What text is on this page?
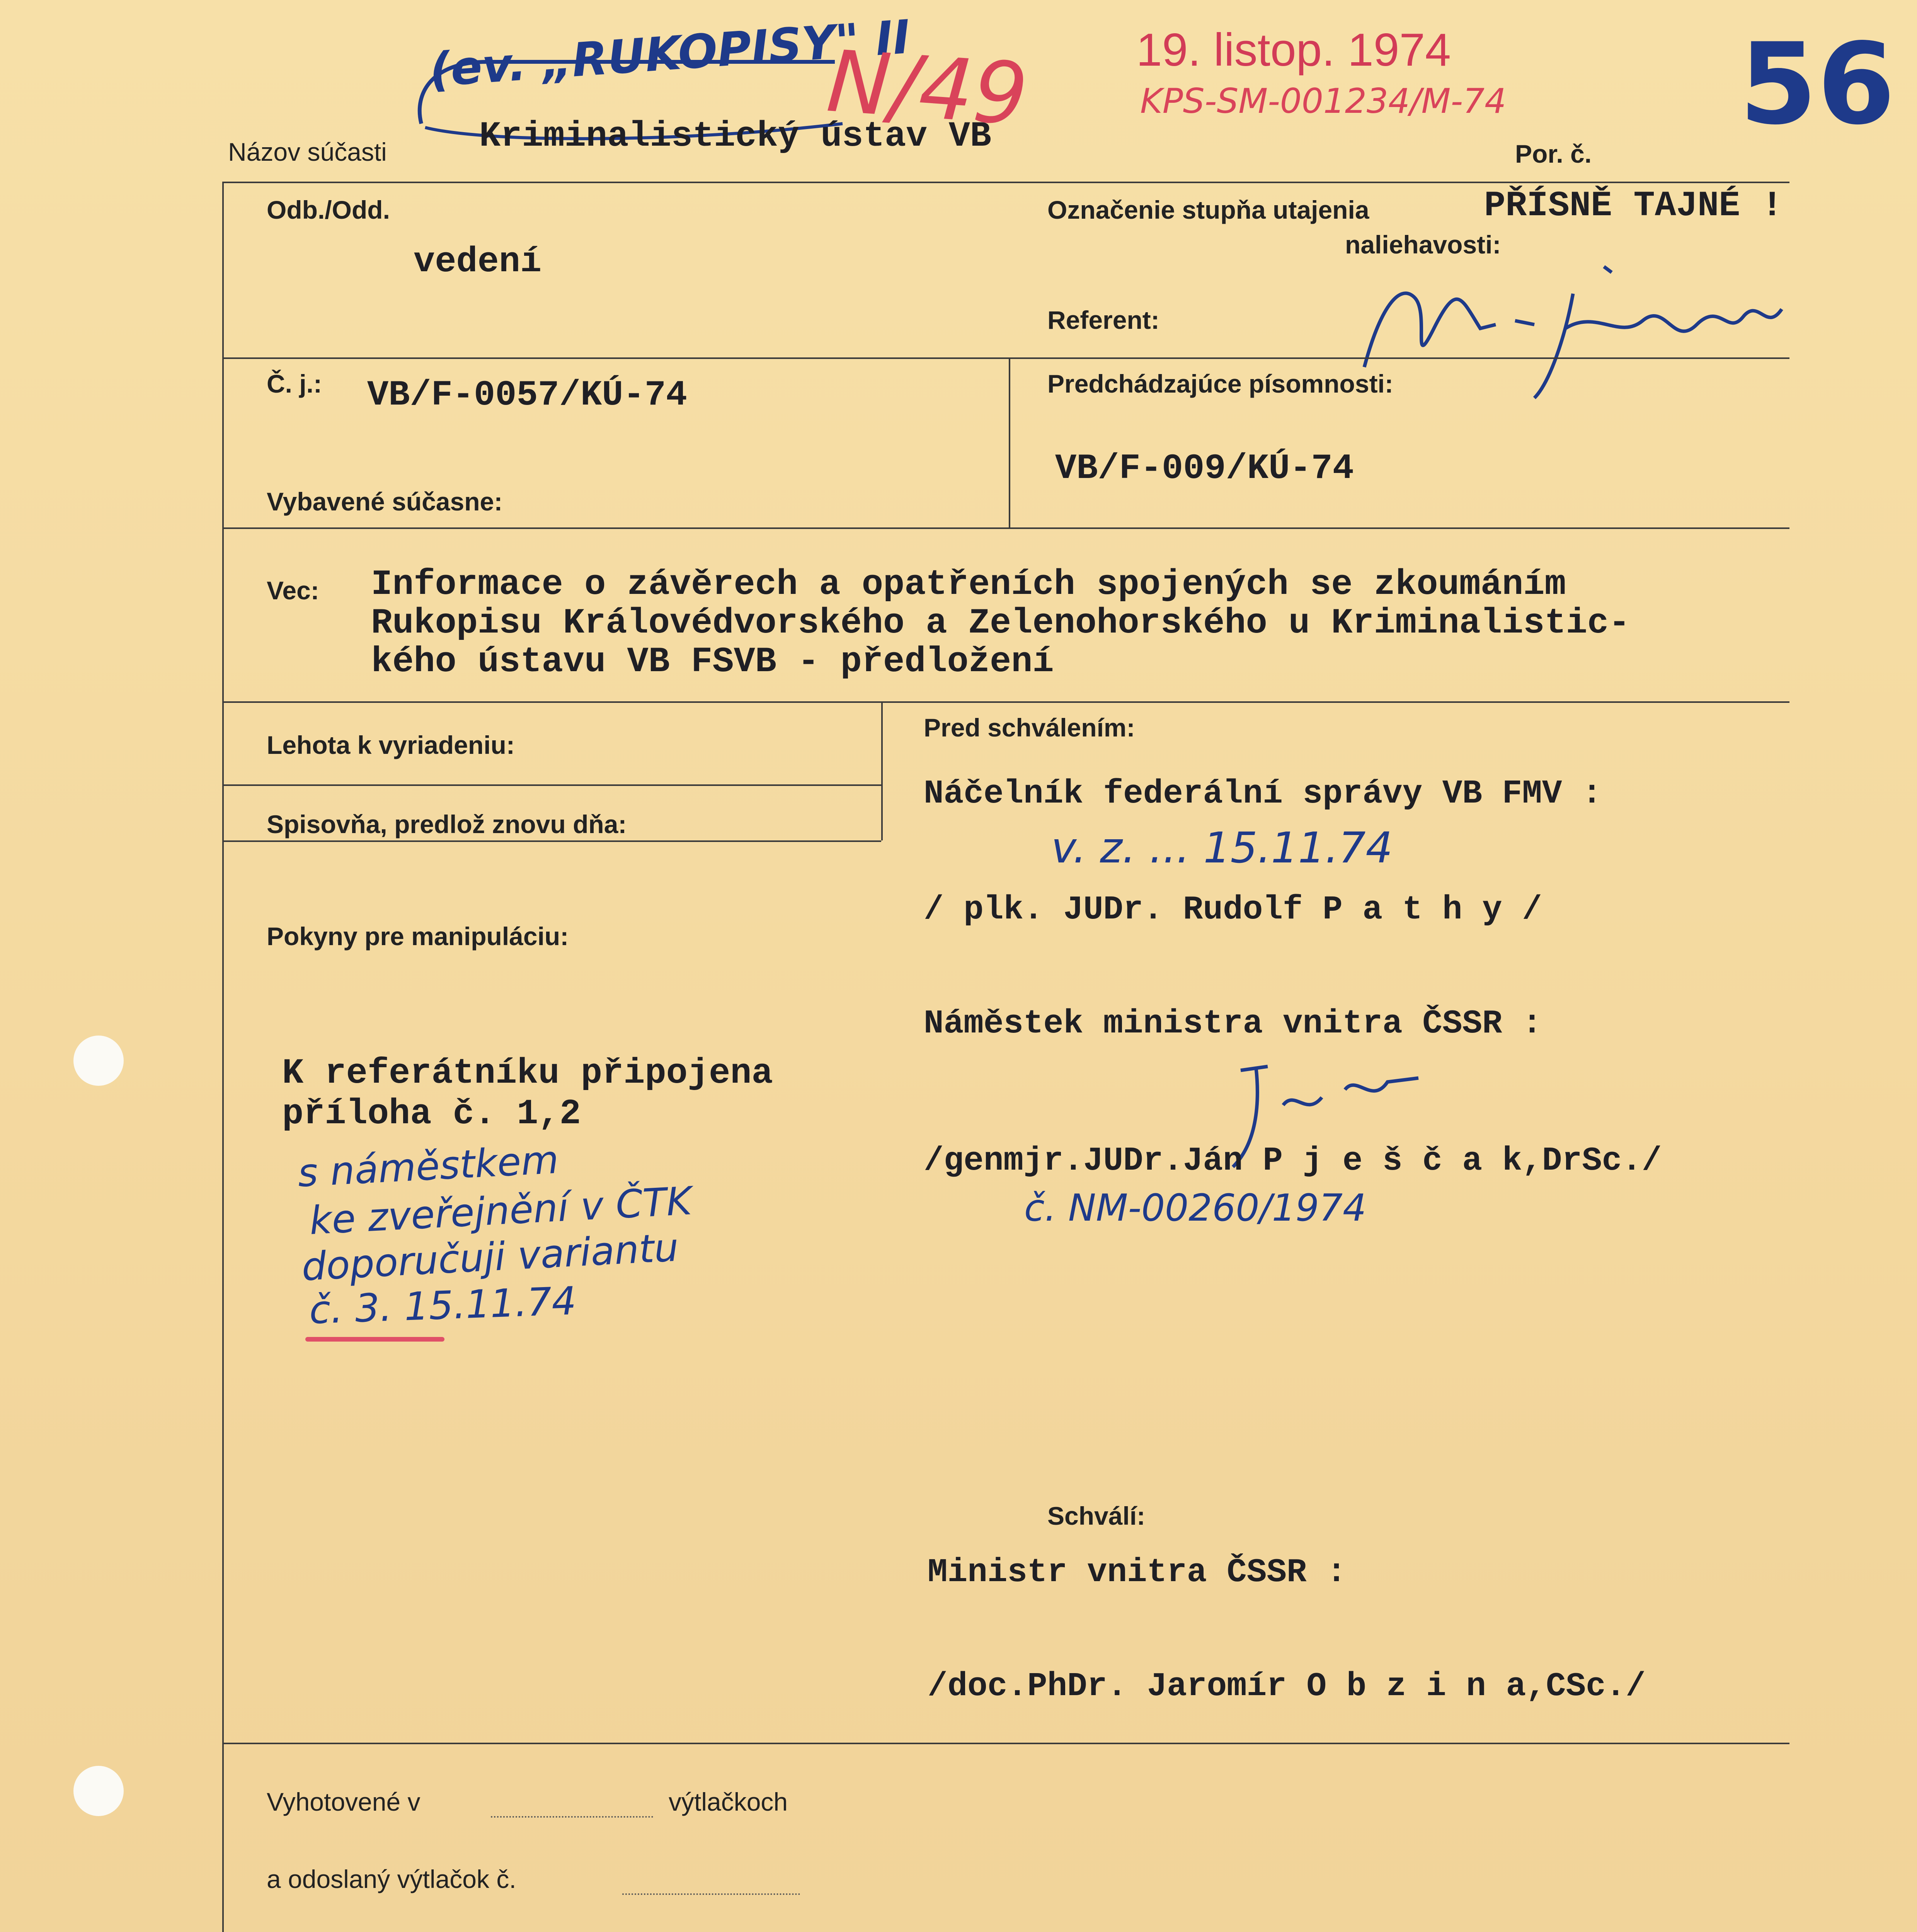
(ev. „RUKOPISY" II
N/49 19. listop. 1974
KPS-SM-001234/M-74 56
Názov súčasti	Kriminalistický ústav VB	Por. č.
Odb./Odd.
vedení
Označenie stupňa utajenia	PŘÍSNĚ TAJNÉ !
naliehavosti:
Referent:
Č. j.: VB/F-0057/KÚ-74
Vybavené súčasne:
Predchádzajúce písomnosti:
VB/F-009/KÚ-74
Vec: Informace o závěrech a opatřeních spojených se zkoumáním
Rukopisu Královédvorského a Zelenohorského u Kriminalistic-
kého ústavu VB FSVB - předložení
Lehota k vyriadeniu:
Spisovňa, predlož znovu dňa:
Pokyny pre manipuláciu:
K referátníku připojena
příloha č. 1,2
s náměstkem
ke zveřejnění v ČTK
doporučuji variantu
č. 3. 15.11.74
Pred schválením:
Náčelník federální správy VB FMV :
v. z. ... 15.11.74
/ plk. JUDr. Rudolf P a t h y /
Náměstek ministra vnitra ČSSR :
/genmjr.JUDr.Ján P j e š č a k,DrSc./
č. NM-00260/1974
Schválí:
Ministr vnitra ČSSR :
/doc.PhDr. Jaromír O b z i n a,CSc./
Vyhotovené v	výtlačkoch
a odoslaný výtlačok č.
